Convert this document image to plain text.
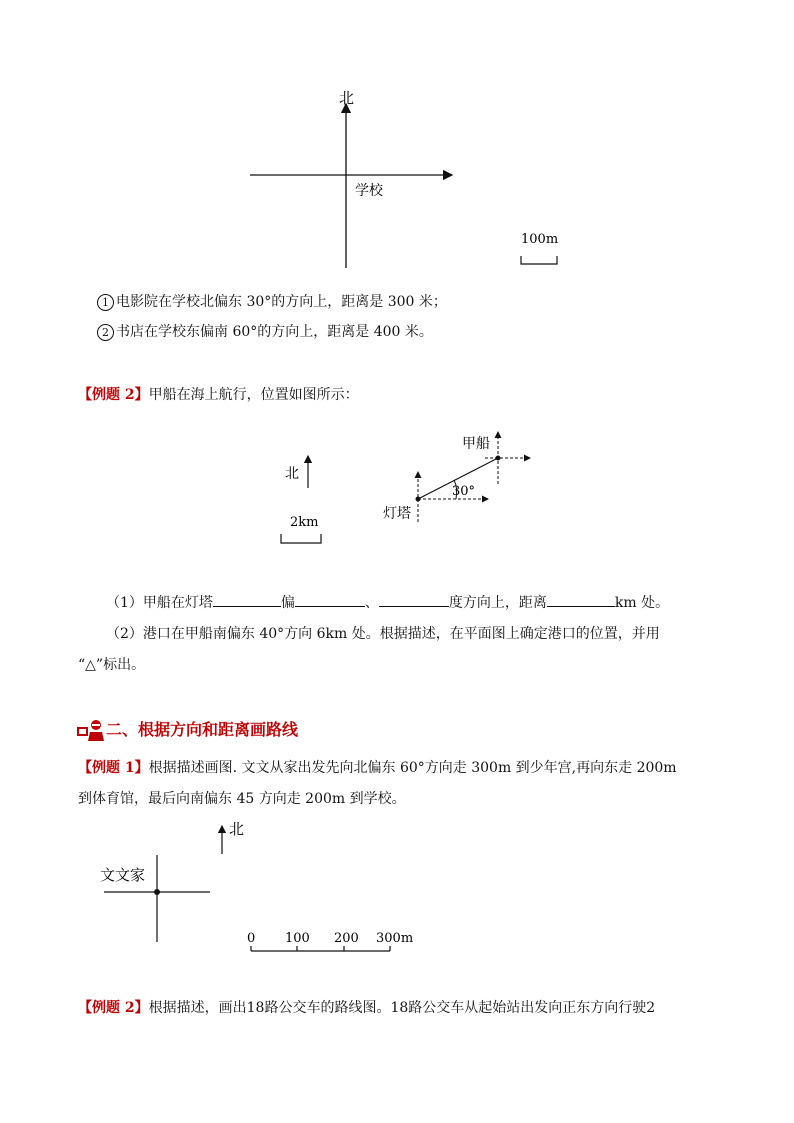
北
学校
100m
1 电影院在学校北偏东 30°的方向上，距离是 300 米；
2 书店在学校东偏南 60°的方向上，距离是 400 米。
【例题 2】甲船在海上航行，位置如图所示：
北
2km
甲船
灯塔
30°
（1）甲船在灯塔	偏	、	度方向上，距离	km 处。
（2）港口在甲船南偏东 40°方向 6km 处。根据描述，在平面图上确定港口的位置，并用
“△”标出。
二、根据方向和距离画路线
【例题 1】根据描述画图. 文文从家出发先向北偏东 60°方向走 300m 到少年宫,再向东走 200m
到体育馆，最后向南偏东 45 方向走 200m 到学校。
北
文文家
0 100 200 300m
【例题 2】根据描述，画出18路公交车的路线图。18路公交车从起始站出发向正东方向行驶2
